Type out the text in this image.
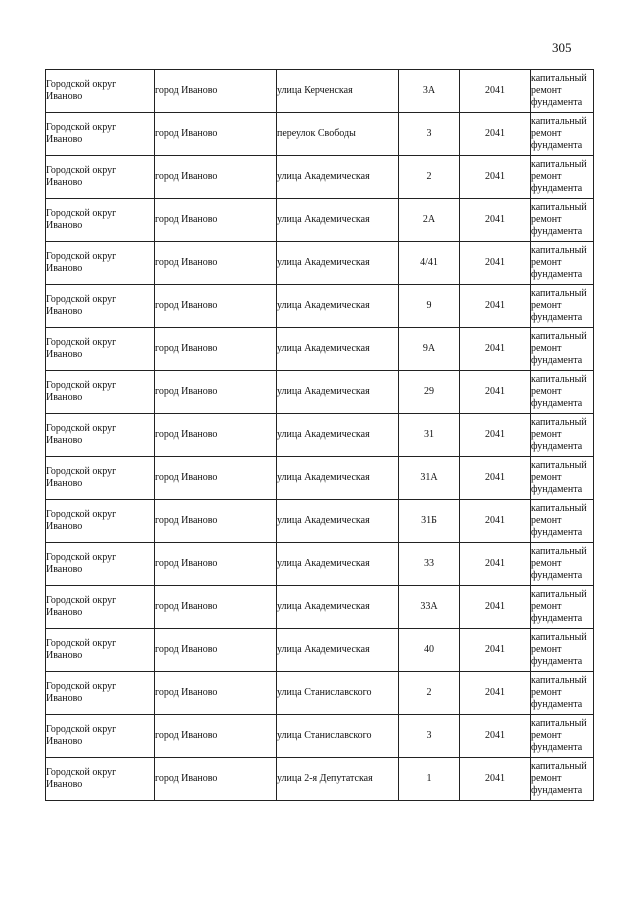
305
Городской округ Иваново	город Иваново	улица Керченская	3А	2041	капитальный ремонт фундамента
Городской округ Иваново	город Иваново	переулок Свободы	3	2041	капитальный ремонт фундамента
Городской округ Иваново	город Иваново	улица Академическая	2	2041	капитальный ремонт фундамента
Городской округ Иваново	город Иваново	улица Академическая	2А	2041	капитальный ремонт фундамента
Городской округ Иваново	город Иваново	улица Академическая	4/41	2041	капитальный ремонт фундамента
Городской округ Иваново	город Иваново	улица Академическая	9	2041	капитальный ремонт фундамента
Городской округ Иваново	город Иваново	улица Академическая	9А	2041	капитальный ремонт фундамента
Городской округ Иваново	город Иваново	улица Академическая	29	2041	капитальный ремонт фундамента
Городской округ Иваново	город Иваново	улица Академическая	31	2041	капитальный ремонт фундамента
Городской округ Иваново	город Иваново	улица Академическая	31А	2041	капитальный ремонт фундамента
Городской округ Иваново	город Иваново	улица Академическая	31Б	2041	капитальный ремонт фундамента
Городской округ Иваново	город Иваново	улица Академическая	33	2041	капитальный ремонт фундамента
Городской округ Иваново	город Иваново	улица Академическая	33А	2041	капитальный ремонт фундамента
Городской округ Иваново	город Иваново	улица Академическая	40	2041	капитальный ремонт фундамента
Городской округ Иваново	город Иваново	улица Станиславского	2	2041	капитальный ремонт фундамента
Городской округ Иваново	город Иваново	улица Станиславского	3	2041	капитальный ремонт фундамента
Городской округ Иваново	город Иваново	улица 2-я Депутатская	1	2041	капитальный ремонт фундамента
